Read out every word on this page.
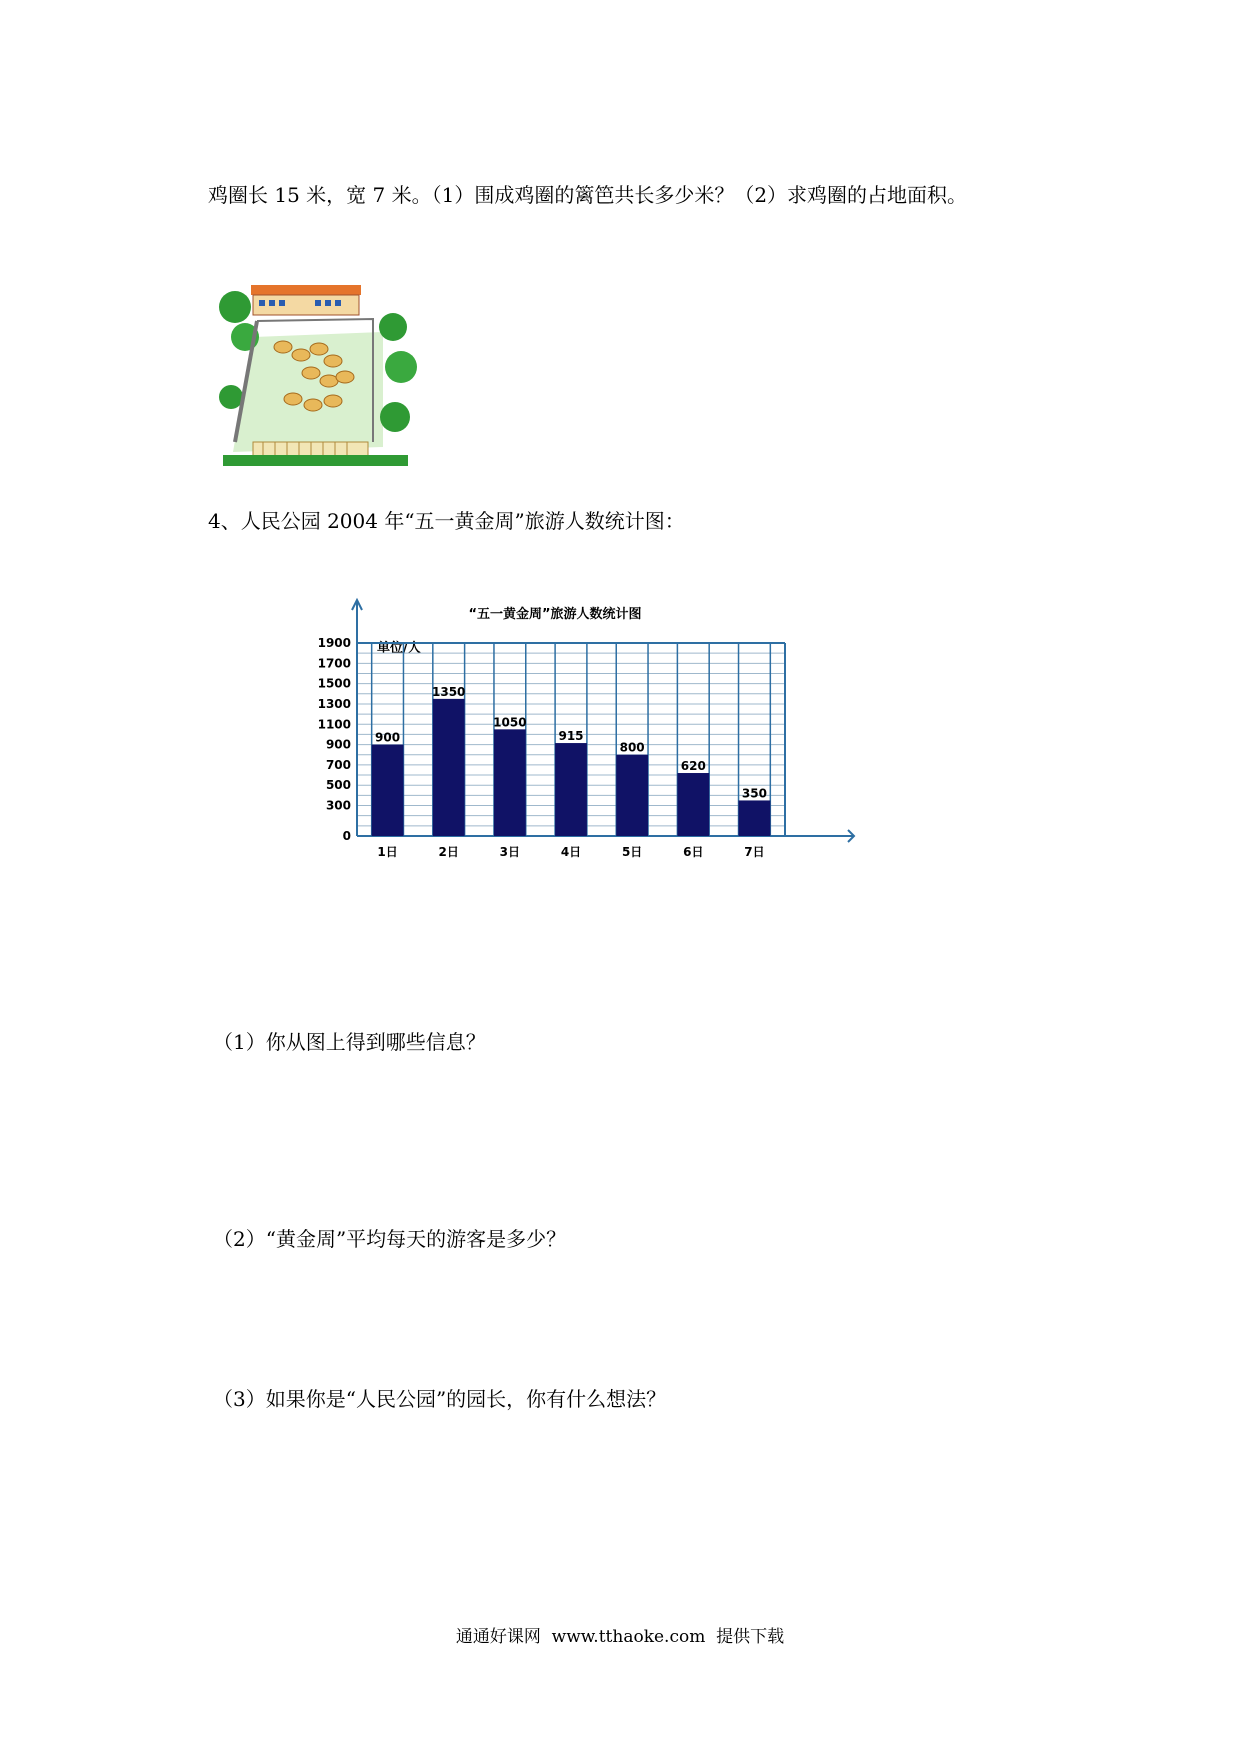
鸡圈长 15 米，宽 7 米。（1）围成鸡圈的篱笆共长多少米？（2）求鸡圈的占地面积。
4、人民公园 2004 年“五一黄金周”旅游人数统计图：
“五一黄金周”旅游人数统计图
单位/人
0
300
500
700
900
1100
1300
1500
1700
1900
900
1350
1050
915
800
620
350
1日	2日	3日	4日	5日	6日	7日
（1）你从图上得到哪些信息？
（2）“黄金周”平均每天的游客是多少？
（3）如果你是“人民公园”的园长，你有什么想法？
通通好课网  www.tthaoke.com  提供下载
